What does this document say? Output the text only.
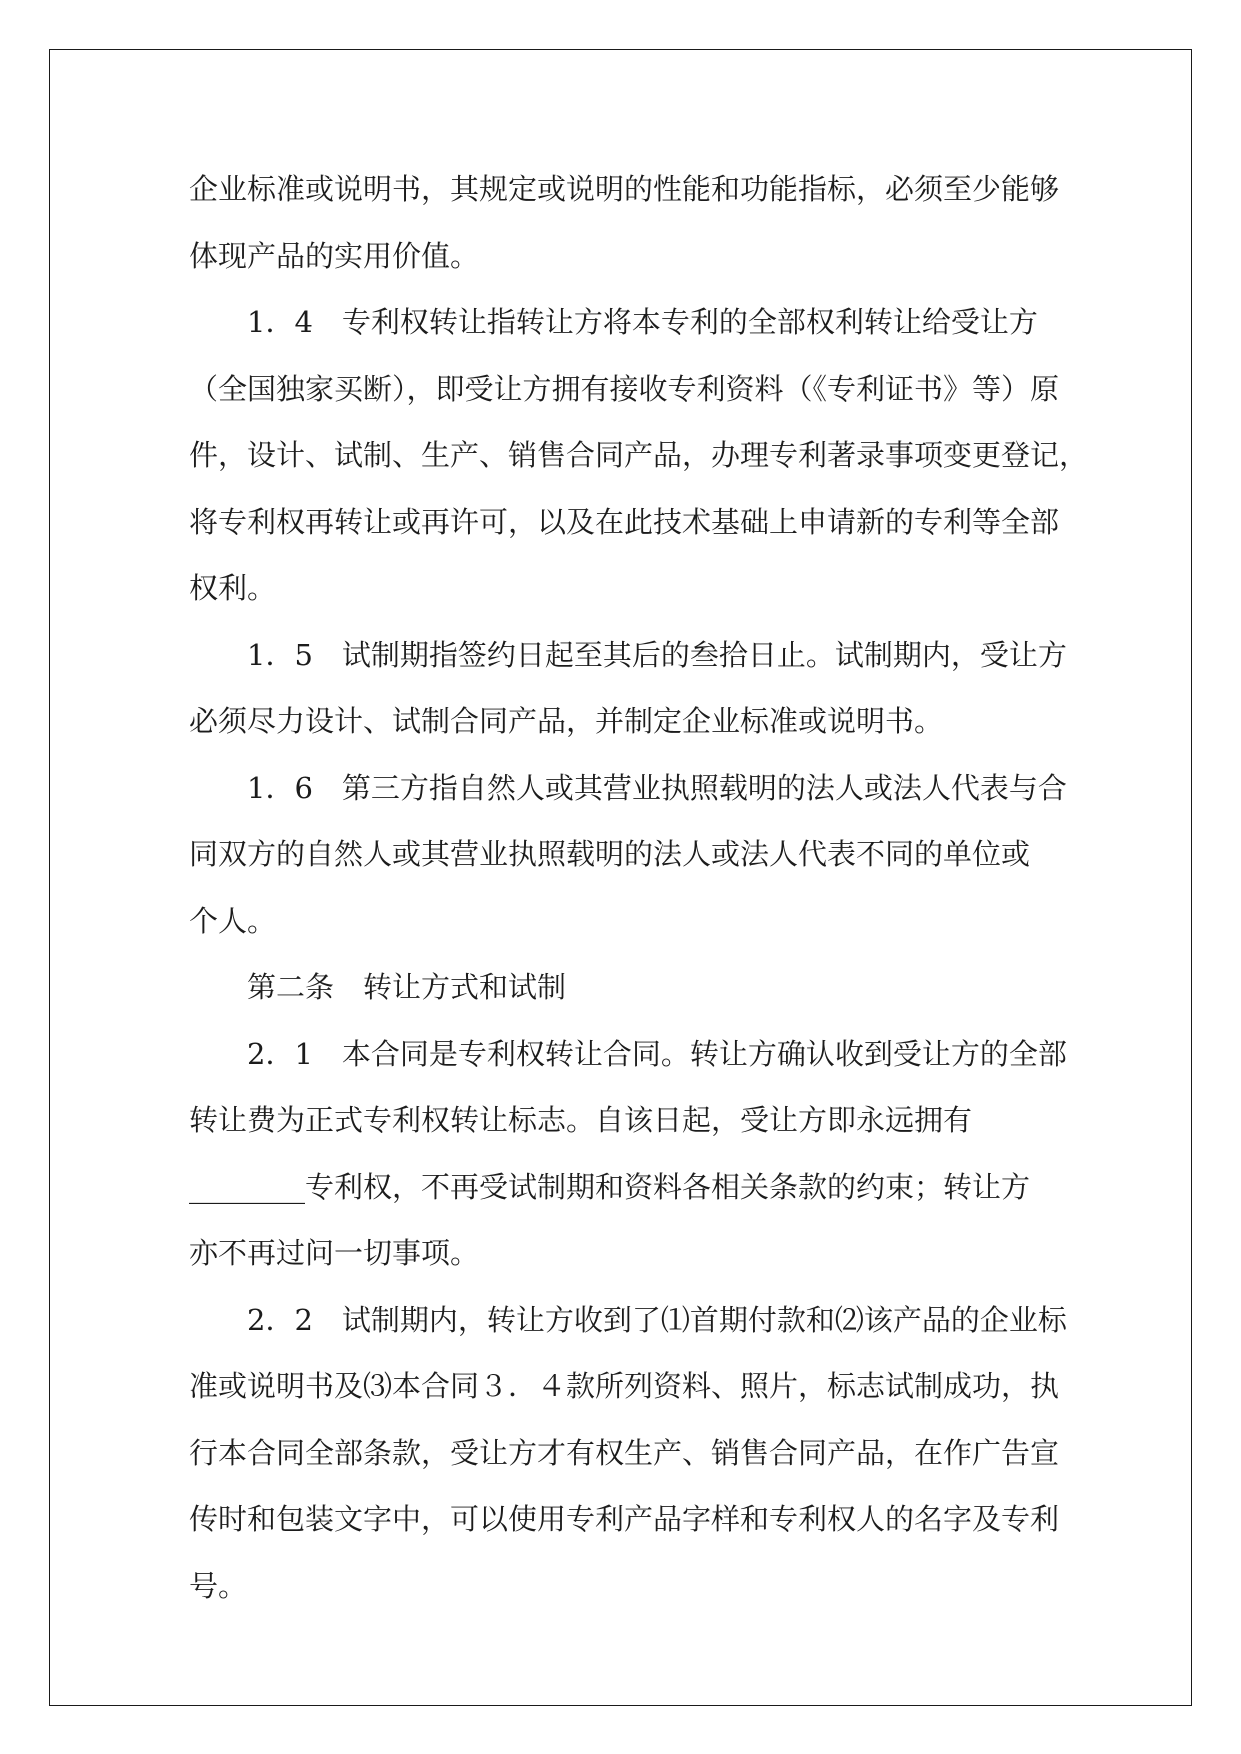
企业标准或说明书，其规定或说明的性能和功能指标，必须至少能够
体现产品的实用价值。
1．4　专利权转让指转让方将本专利的全部权利转让给受让方
（全国独家买断），即受让方拥有接收专利资料（《专利证书》等）原
件，设计、试制、生产、销售合同产品，办理专利著录事项变更登记，
将专利权再转让或再许可，以及在此技术基础上申请新的专利等全部
权利。
1．5　试制期指签约日起至其后的叁拾日止。试制期内，受让方
必须尽力设计、试制合同产品，并制定企业标准或说明书。
1．6　第三方指自然人或其营业执照载明的法人或法人代表与合
同双方的自然人或其营业执照载明的法人或法人代表不同的单位或
个人。
第二条　转让方式和试制
2．1　本合同是专利权转让合同。转让方确认收到受让方的全部
转让费为正式专利权转让标志。自该日起，受让方即永远拥有
________专利权，不再受试制期和资料各相关条款的约束；转让方
亦不再过问一切事项。
2．2　试制期内，转让方收到了⑴首期付款和⑵该产品的企业标
准或说明书及⑶本合同３．４款所列资料、照片，标志试制成功，执
行本合同全部条款，受让方才有权生产、销售合同产品，在作广告宣
传时和包装文字中，可以使用专利产品字样和专利权人的名字及专利
号。
